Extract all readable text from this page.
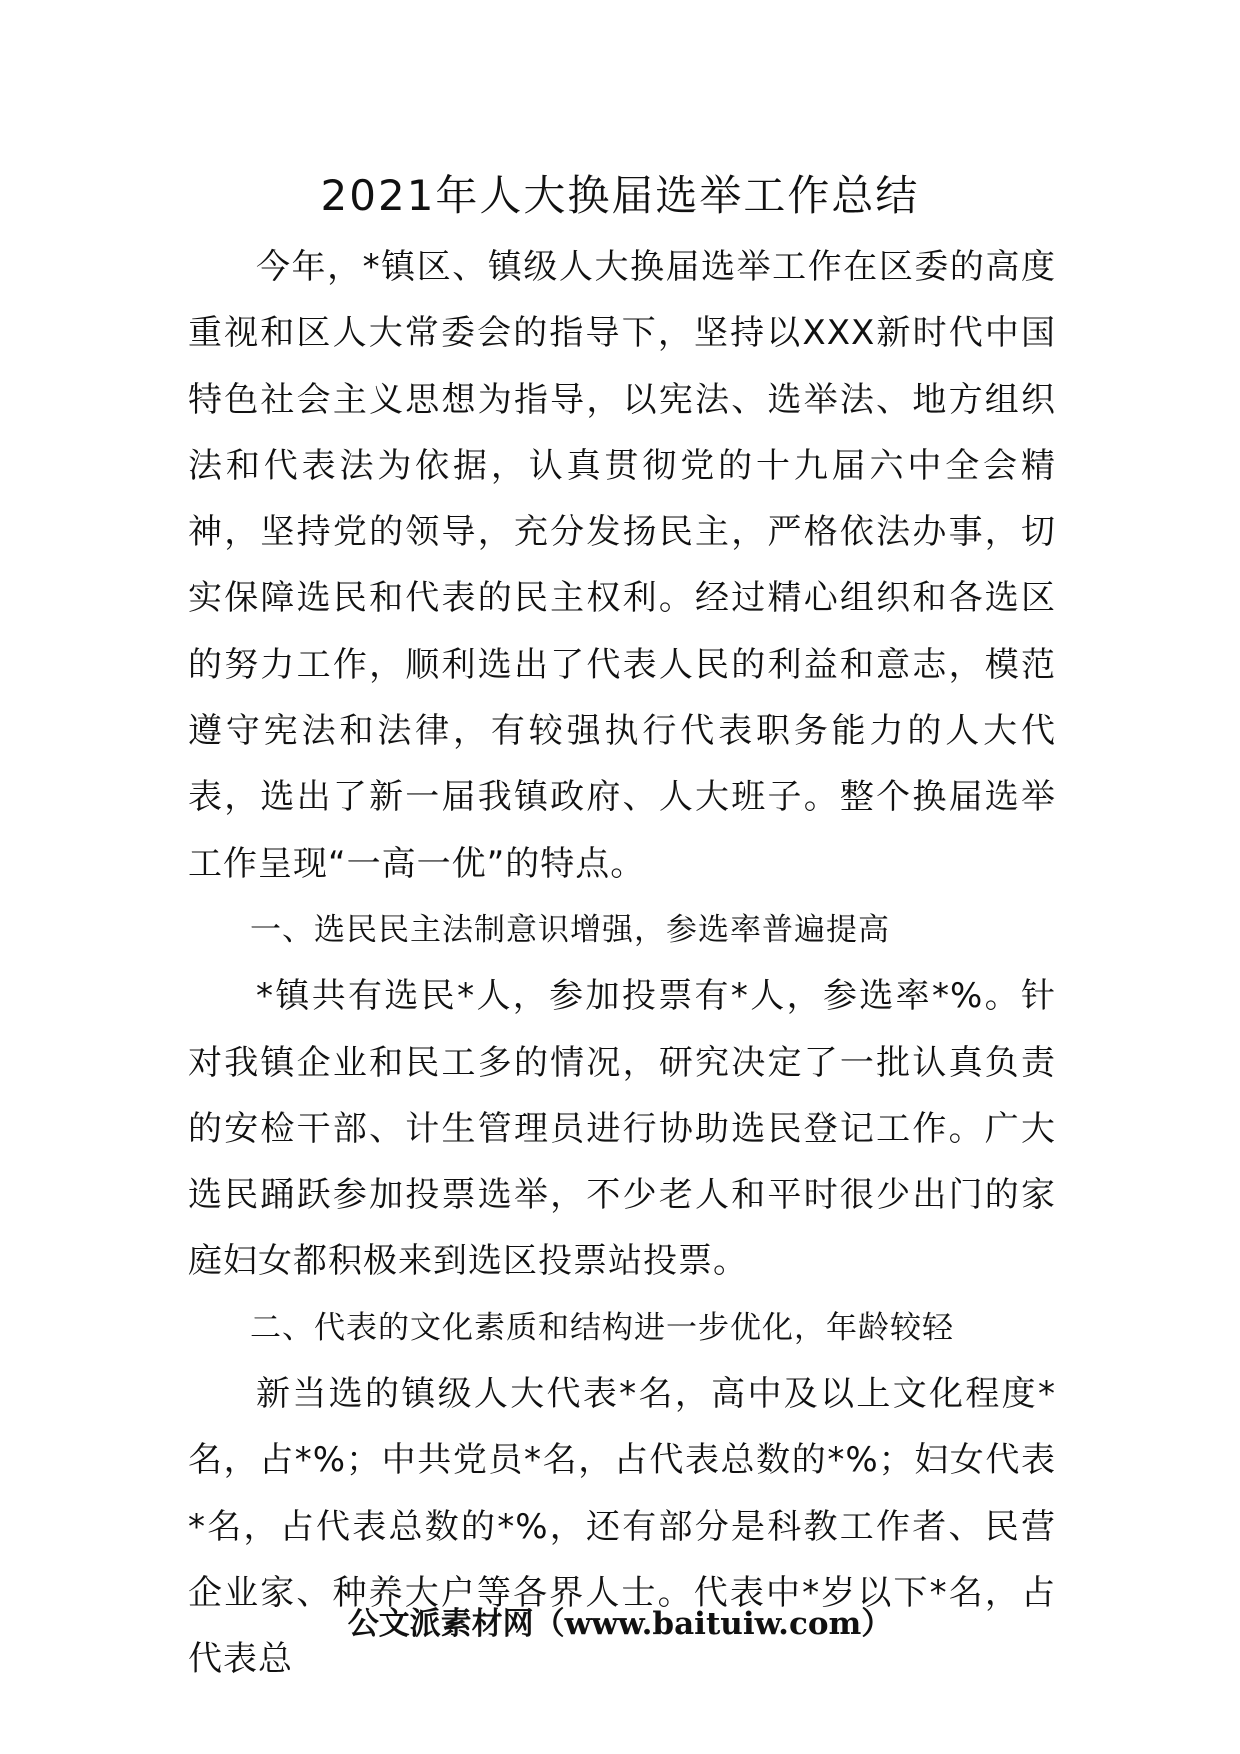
2021年人大换届选举工作总结

今年，*镇区、镇级人大换届选举工作在区委的高度重视和区人大常委会的指导下，坚持以XXX新时代中国特色社会主义思想为指导，以宪法、选举法、地方组织法和代表法为依据，认真贯彻党的十九届六中全会精神，坚持党的领导，充分发扬民主，严格依法办事，切实保障选民和代表的民主权利。经过精心组织和各选区的努力工作，顺利选出了代表人民的利益和意志，模范遵守宪法和法律，有较强执行代表职务能力的人大代表，选出了新一届我镇政府、人大班子。整个换届选举工作呈现“一高一优”的特点。

一、选民民主法制意识增强，参选率普遍提高

*镇共有选民*人，参加投票有*人，参选率*%。针对我镇企业和民工多的情况，研究决定了一批认真负责的安检干部、计生管理员进行协助选民登记工作。广大选民踊跃参加投票选举，不少老人和平时很少出门的家庭妇女都积极来到选区投票站投票。

二、代表的文化素质和结构进一步优化，年龄较轻

新当选的镇级人大代表*名，高中及以上文化程度*名，占*%；中共党员*名，占代表总数的*%；妇女代表*名，占代表总数的*%，还有部分是科教工作者、民营企业家、种养大户等各界人士。代表中*岁以下*名，占代表总

公文派素材网（www.baituiw.com）
